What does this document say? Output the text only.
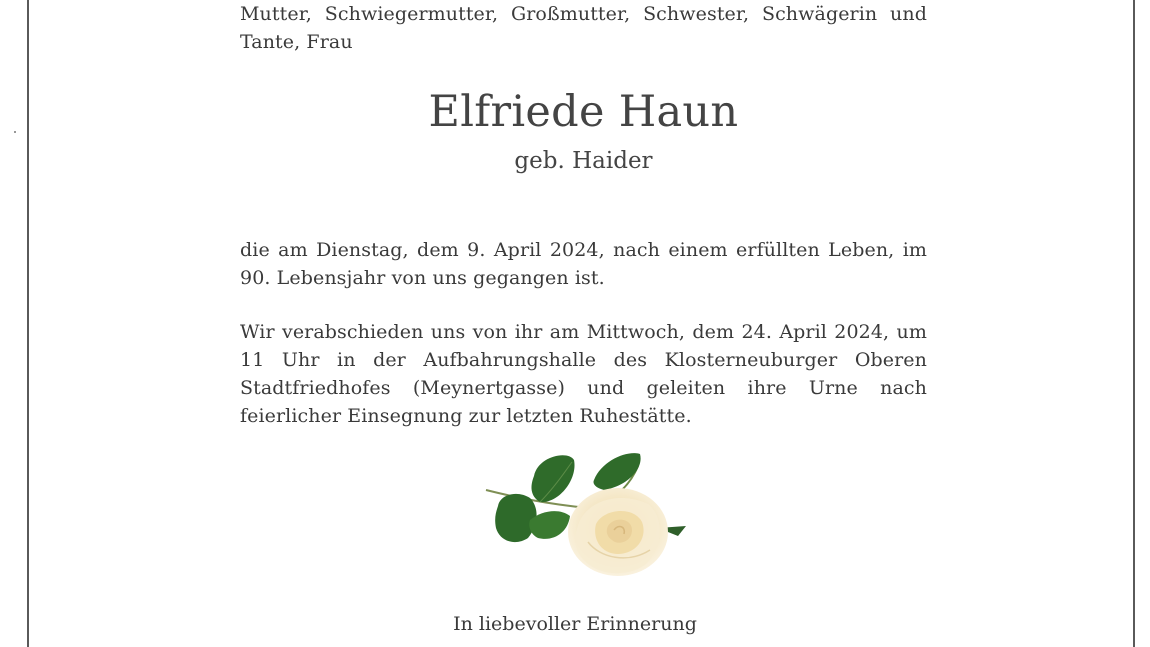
Mutter, Schwiegermutter, Großmutter, Schwester, Schwägerin und Tante, Frau

Elfriede Haun
geb. Haider

die am Dienstag, dem 9. April 2024, nach einem erfüllten Leben, im 90. Lebensjahr von uns gegangen ist.

Wir verabschieden uns von ihr am Mittwoch, dem 24. April 2024, um 11 Uhr in der Aufbahrungshalle des Klosterneuburger Oberen Stadtfriedhofes (Meynertgasse) und geleiten ihre Urne nach feierlicher Einsegnung zur letzten Ruhestätte.

In liebevoller Erinnerung
